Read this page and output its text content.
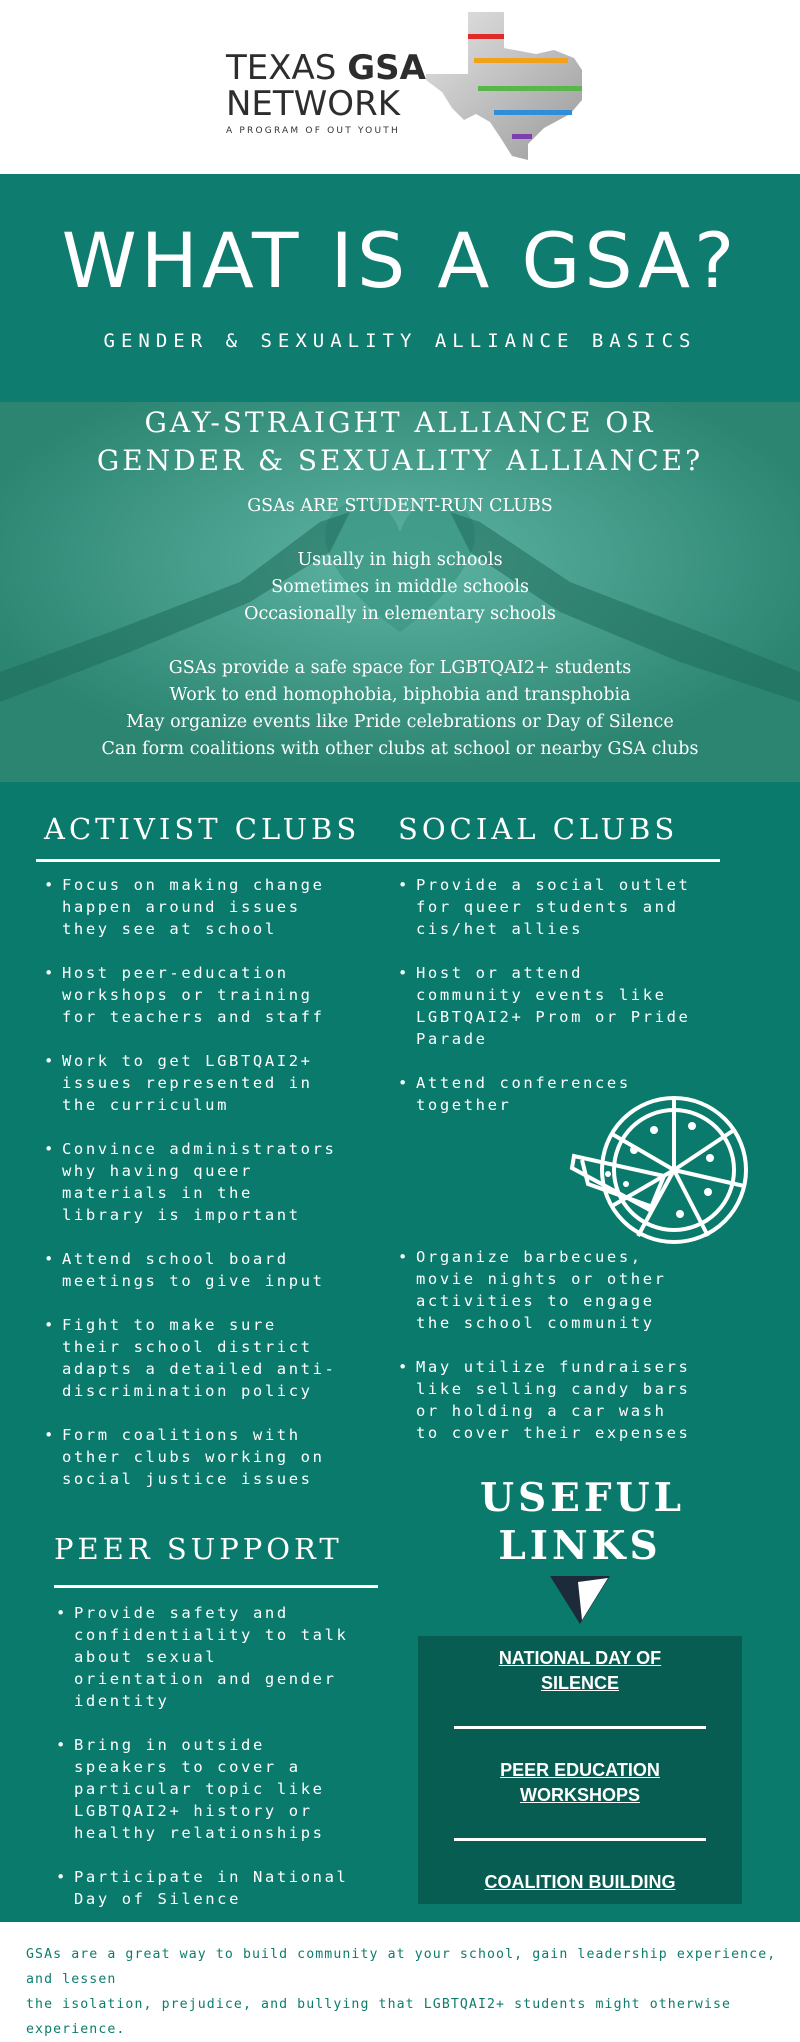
TEXAS GSA
NETWORK
A PROGRAM OF OUT YOUTH
WHAT IS A GSA?
GENDER & SEXUALITY ALLIANCE BASICS
GAY-STRAIGHT ALLIANCE OR
GENDER & SEXUALITY ALLIANCE?
GSAs ARE STUDENT-RUN CLUBS
Usually in high schools
Sometimes in middle schools
Occasionally in elementary schools
GSAs provide a safe space for LGBTQAI2+ students
Work to end homophobia, biphobia and transphobia
May organize events like Pride celebrations or Day of Silence
Can form coalitions with other clubs at school or nearby GSA clubs
ACTIVIST CLUBS SOCIAL CLUBS
• Focus on making change
happen around issues
they see at school
• Host peer-education
workshops or training
for teachers and staff
• Work to get LGBTQAI2+
issues represented in
the curriculum
• Convince administrators
why having queer
materials in the
library is important
• Attend school board
meetings to give input
• Fight to make sure
their school district
adapts a detailed anti-
discrimination policy
• Form coalitions with
other clubs working on
social justice issues
• Provide a social outlet
for queer students and
cis/het allies
• Host or attend
community events like
LGBTQAI2+ Prom or Pride
Parade
• Attend conferences
together
• Organize barbecues,
movie nights or other
activities to engage
the school community
• May utilize fundraisers
like selling candy bars
or holding a car wash
to cover their expenses
PEER SUPPORT
• Provide safety and
confidentiality to talk
about sexual
orientation and gender
identity
• Bring in outside
speakers to cover a
particular topic like
LGBTQAI2+ history or
healthy relationships
• Participate in National
Day of Silence
USEFUL
LINKS
NATIONAL DAY OF
SILENCE
PEER EDUCATION
WORKSHOPS
COALITION BUILDING
GSAs are a great way to build community at your school, gain leadership experience, and lessen
the isolation, prejudice, and bullying that LGBTQAI2+ students might otherwise experience.
